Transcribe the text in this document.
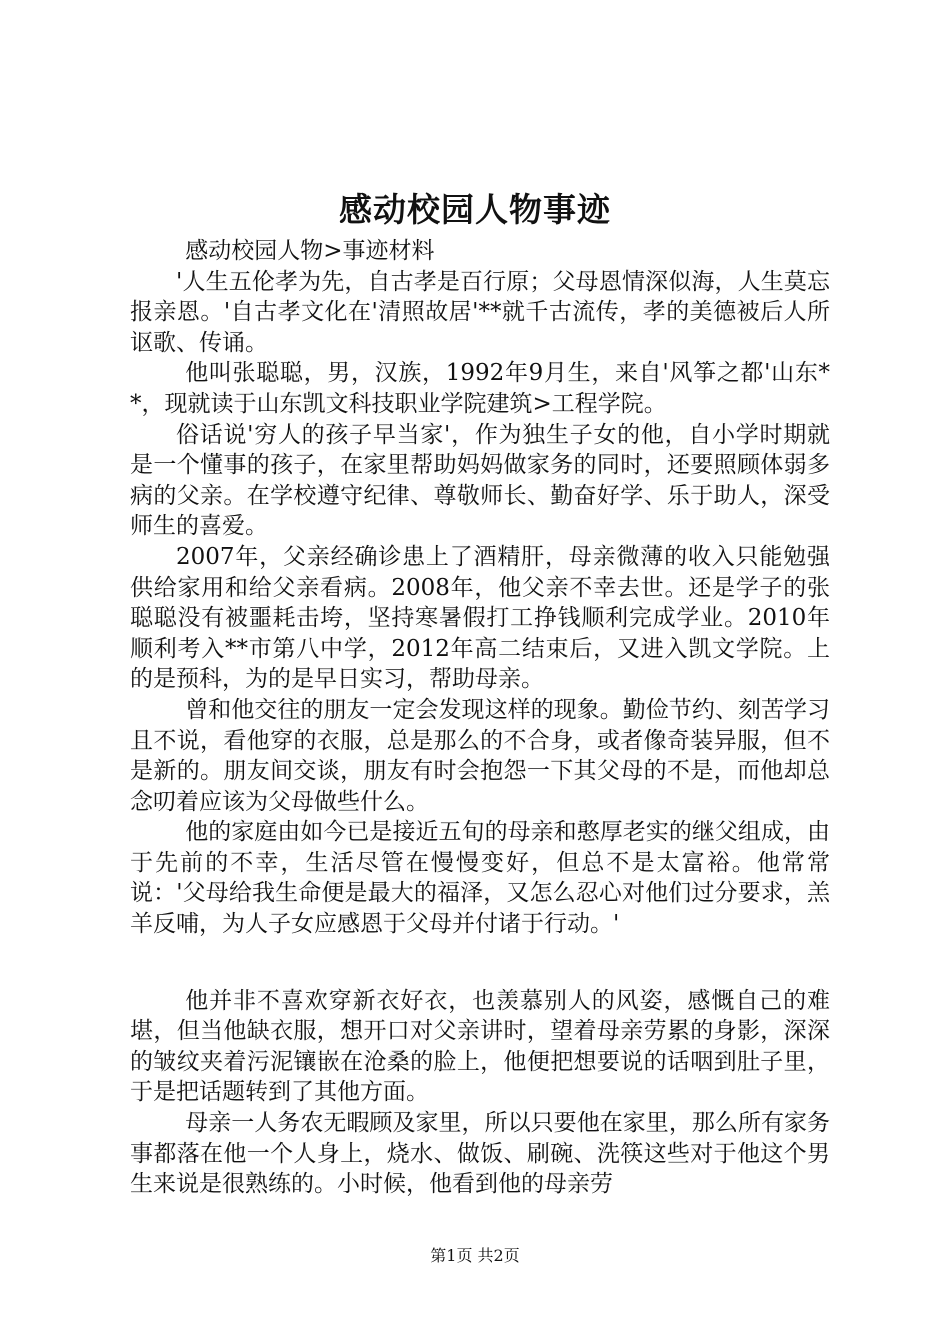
感动校园人物事迹

感动校园人物>事迹材料

'人生五伦孝为先，自古孝是百行原；父母恩情深似海，人生莫忘报亲恩。'自古孝文化在'清照故居'**就千古流传，孝的美德被后人所讴歌、传诵。

他叫张聪聪，男，汉族，1992年9月生，来自'风筝之都'山东**，现就读于山东凯文科技职业学院建筑>工程学院。

俗话说'穷人的孩子早当家'，作为独生子女的他，自小学时期就是一个懂事的孩子，在家里帮助妈妈做家务的同时，还要照顾体弱多病的父亲。在学校遵守纪律、尊敬师长、勤奋好学、乐于助人，深受师生的喜爱。

2007年，父亲经确诊患上了酒精肝，母亲微薄的收入只能勉强供给家用和给父亲看病。2008年，他父亲不幸去世。还是学子的张聪聪没有被噩耗击垮，坚持寒暑假打工挣钱顺利完成学业。2010年顺利考入**市第八中学，2012年高二结束后，又进入凯文学院。上的是预科，为的是早日实习，帮助母亲。

曾和他交往的朋友一定会发现这样的现象。勤俭节约、刻苦学习且不说，看他穿的衣服，总是那么的不合身，或者像奇装异服，但不是新的。朋友间交谈，朋友有时会抱怨一下其父母的不是，而他却总念叨着应该为父母做些什么。

他的家庭由如今已是接近五旬的母亲和憨厚老实的继父组成，由于先前的不幸，生活尽管在慢慢变好，但总不是太富裕。他常常说：'父母给我生命便是最大的福泽，又怎么忍心对他们过分要求，羔羊反哺，为人子女应感恩于父母并付诸于行动。'

他并非不喜欢穿新衣好衣，也羡慕别人的风姿，感慨自己的难堪，但当他缺衣服，想开口对父亲讲时，望着母亲劳累的身影，深深的皱纹夹着污泥镶嵌在沧桑的脸上，他便把想要说的话咽到肚子里，于是把话题转到了其他方面。

母亲一人务农无暇顾及家里，所以只要他在家里，那么所有家务事都落在他一个人身上，烧水、做饭、刷碗、洗筷这些对于他这个男生来说是很熟练的。小时候，他看到他的母亲劳

第1页 共2页
